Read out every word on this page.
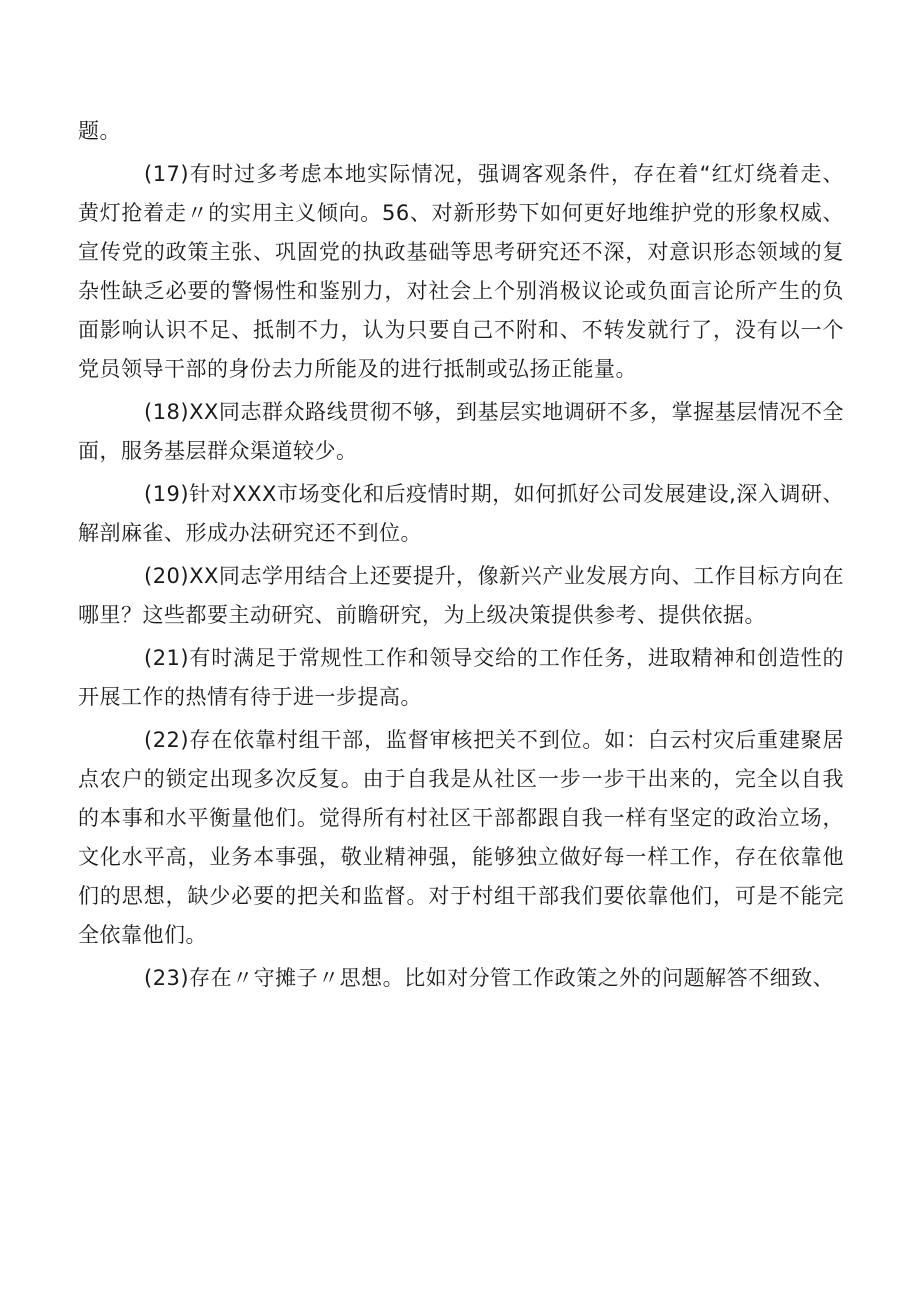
题。

(17)有时过多考虑本地实际情况，强调客观条件，存在着“红灯绕着走、黄灯抢着走〃的实用主义倾向。56、对新形势下如何更好地维护党的形象权威、宣传党的政策主张、巩固党的执政基础等思考研究还不深，对意识形态领域的复杂性缺乏必要的警惕性和鉴别力，对社会上个别消极议论或负面言论所产生的负面影响认识不足、抵制不力，认为只要自己不附和、不转发就行了，没有以一个党员领导干部的身份去力所能及的进行抵制或弘扬正能量。

(18)XX同志群众路线贯彻不够，到基层实地调研不多，掌握基层情况不全面，服务基层群众渠道较少。

(19)针对XXX市场变化和后疫情时期，如何抓好公司发展建设,深入调研、解剖麻雀、形成办法研究还不到位。

(20)XX同志学用结合上还要提升，像新兴产业发展方向、工作目标方向在哪里？这些都要主动研究、前瞻研究，为上级决策提供参考、提供依据。

(21)有时满足于常规性工作和领导交给的工作任务，进取精神和创造性的开展工作的热情有待于进一步提高。

(22)存在依靠村组干部，监督审核把关不到位。如：白云村灾后重建聚居点农户的锁定出现多次反复。由于自我是从社区一步一步干出来的，完全以自我的本事和水平衡量他们。觉得所有村社区干部都跟自我一样有坚定的政治立场，文化水平高，业务本事强，敬业精神强，能够独立做好每一样工作，存在依靠他们的思想，缺少必要的把关和监督。对于村组干部我们要依靠他们，可是不能完全依靠他们。

(23)存在〃守摊子〃思想。比如对分管工作政策之外的问题解答不细致、
